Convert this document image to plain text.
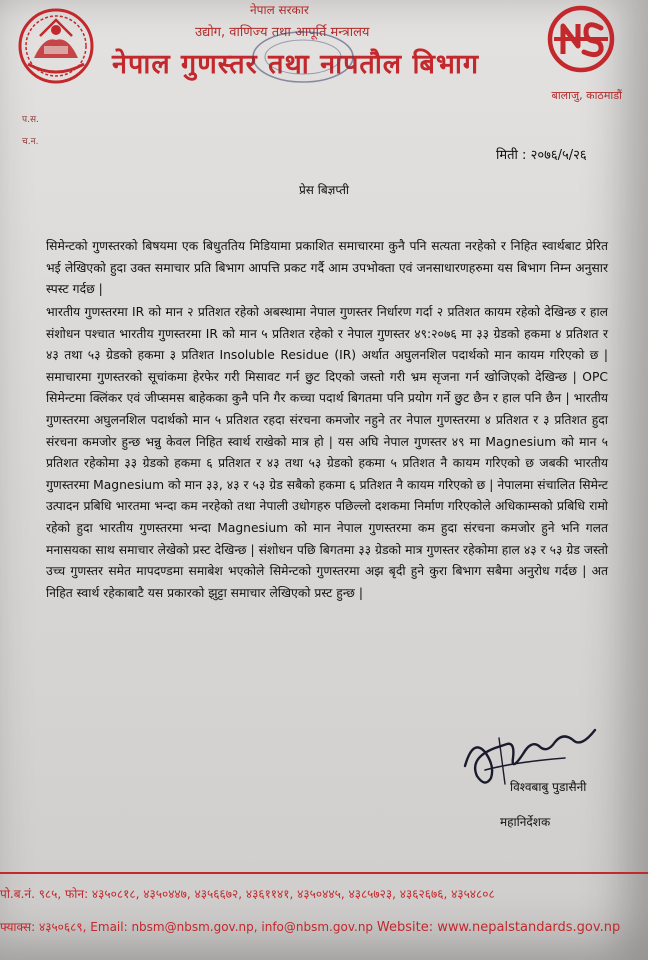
नेपाल सरकार
उद्योग, वाणिज्य तथा आपूर्ति मन्त्रालय
नेपाल गुणस्तर तथा नापतौल बिभाग
बालाजु, काठमाडौं
प.स.
च.न.
मिती : २०७६/५/२६
प्रेस बिज्ञप्ती

सिमेन्टको गुणस्तरको बिषयमा एक बिधुततिय मिडियामा प्रकाशित समाचारमा कुनै पनि सत्यता नरहेको र निहित स्वार्थबाट प्रेरित भई लेखिएको हुदा उक्त समाचार प्रति बिभाग आपत्ति प्रकट गर्दै आम उपभोक्ता एवं जनसाधारणहरुमा यस बिभाग निम्न अनुसार स्पस्ट गर्दछ |

भारतीय गुणस्तरमा IR को मान २ प्रतिशत रहेको अबस्थामा नेपाल गुणस्तर निर्धारण गर्दा २ प्रतिशत कायम रहेको देखिन्छ र हाल संशोधन पश्चात भारतीय गुणस्तरमा IR को मान ५ प्रतिशत रहेको र नेपाल गुणस्तर ४९:२०७६ मा ३३ ग्रेडको हकमा ४ प्रतिशत र ४३ तथा ५३ ग्रेडको हकमा ३ प्रतिशत Insoluble Residue (IR) अर्थात अघुलनशिल पदार्थको मान कायम गरिएको छ | समाचारमा गुणस्तरको सूचांकमा हेरफेर गरी मिसावट गर्न छुट दिएको जस्तो गरी भ्रम सृजना गर्न खोजिएको देखिन्छ | OPC सिमेन्टमा क्लिंकर एवं जीप्समस बाहेकका कुनै पनि गैर कच्चा पदार्थ बिगतमा पनि प्रयोग गर्ने छुट छैन र हाल पनि छैन | भारतीय गुणस्तरमा अघुलनशिल पदार्थको मान ५ प्रतिशत रहदा संरचना कमजोर नहुने तर नेपाल गुणस्तरमा ४ प्रतिशत र ३ प्रतिशत हुदा संरचना कमजोर हुन्छ भन्नु केवल निहित स्वार्थ राखेको मात्र हो | यस अघि नेपाल गुणस्तर ४९ मा Magnesium को मान ५ प्रतिशत रहेकोमा ३३ ग्रेडको हकमा ६ प्रतिशत र ४३ तथा ५३ ग्रेडको हकमा ५ प्रतिशत नै कायम गरिएको छ जबकी भारतीय गुणस्तरमा Magnesium को मान ३३, ४३ र ५३ ग्रेड सबैको हकमा ६ प्रतिशत नै कायम गरिएको छ | नेपालमा संचालित सिमेन्ट उत्पादन प्रबिधि भारतमा भन्दा कम नरहेको तथा नेपाली उधोगहरु पछिल्लो दशकमा निर्माण गरिएकोले अधिकाम्सको प्रबिधि रामो रहेको हुदा भारतीय गुणस्तरमा भन्दा Magnesium को मान नेपाल गुणस्तरमा कम हुदा संरचना कमजोर हुने भनि गलत मनासयका साथ समाचार लेखेको प्रस्ट देखिन्छ | संशोधन पछि बिगतमा ३३ ग्रेडको मात्र गुणस्तर रहेकोमा हाल ४३ र ५३ ग्रेड जस्तो उच्च गुणस्तर समेत मापदण्डमा समाबेश भएकोले सिमेन्टको गुणस्तरमा अझ बृदी हुने कुरा बिभाग सबैमा अनुरोध गर्दछ | अत निहित स्वार्थ रहेकाबाटै यस प्रकारको झुट्टा समाचार लेखिएको प्रस्ट हुन्छ |

विश्वबाबु पुडासैनी
महानिर्देशक
पो.ब.नं. ९८५, फोन: ४३५०८१८, ४३५०४४७, ४३५६६७२, ४३६११४१, ४३५०४४५, ४३८५७२३, ४३६२६७६, ४३५४८०८
फ्याक्स: ४३५०६८९, Email: nbsm@nbsm.gov.np, info@nbsm.gov.np Website: www.nepalstandards.gov.np
